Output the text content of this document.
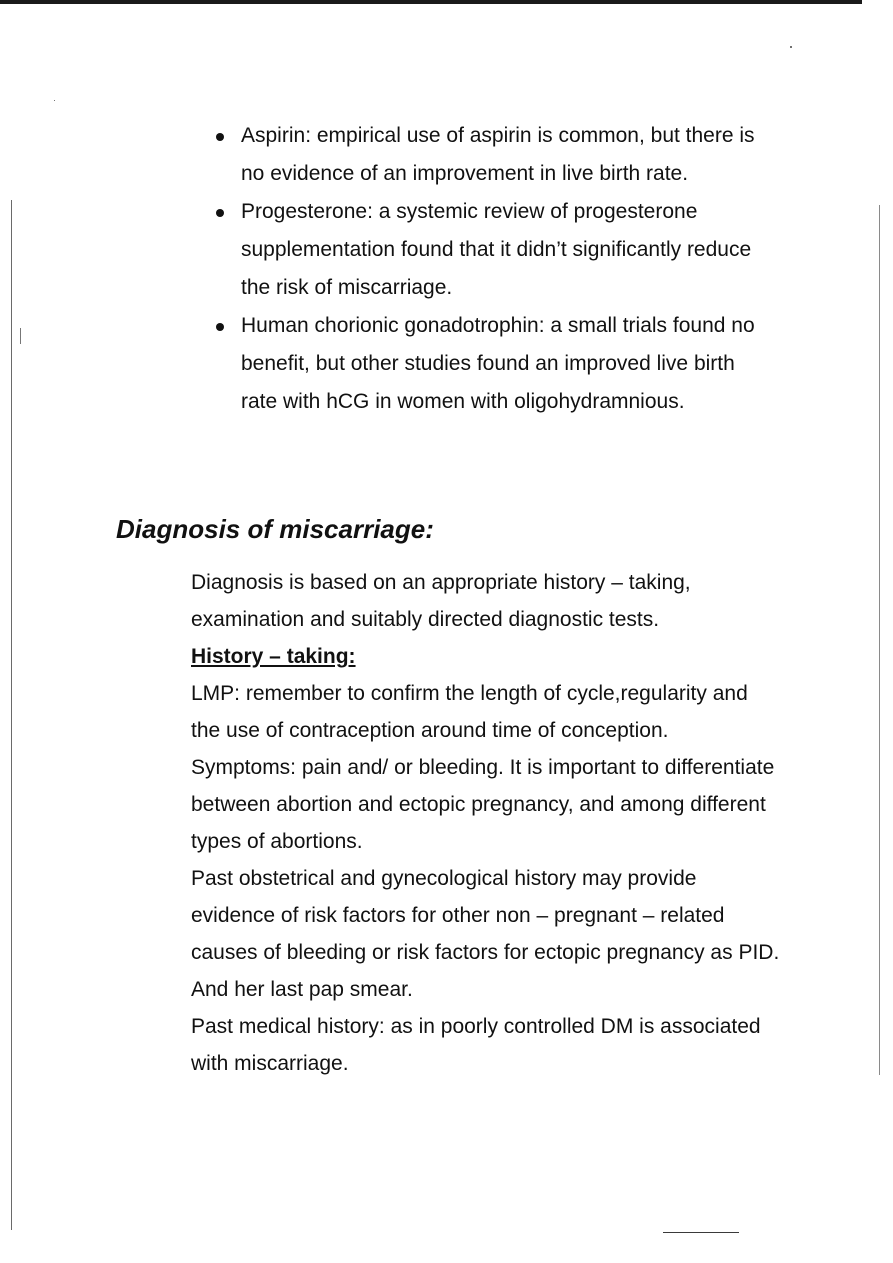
Aspirin: empirical use of aspirin is common, but there is no evidence of an improvement in live birth rate.
Progesterone: a systemic review of progesterone supplementation found that it didn’t significantly reduce the risk of miscarriage.
Human chorionic gonadotrophin: a small trials found no benefit, but other studies found an improved live birth rate with hCG in women with oligohydramnious.
Diagnosis of miscarriage:

Diagnosis is based on an appropriate history – taking, examination and suitably directed diagnostic tests.

History – taking:

LMP: remember to confirm the length of cycle,regularity and the use of contraception around time of conception.

Symptoms: pain and/ or bleeding. It is important to differentiate between abortion and ectopic pregnancy, and among different types of abortions.

Past obstetrical and gynecological history may provide evidence of risk factors for other non – pregnant – related causes of bleeding or risk factors for ectopic pregnancy as PID. And her last pap smear.

Past medical history: as in poorly controlled DM is associated with miscarriage.
